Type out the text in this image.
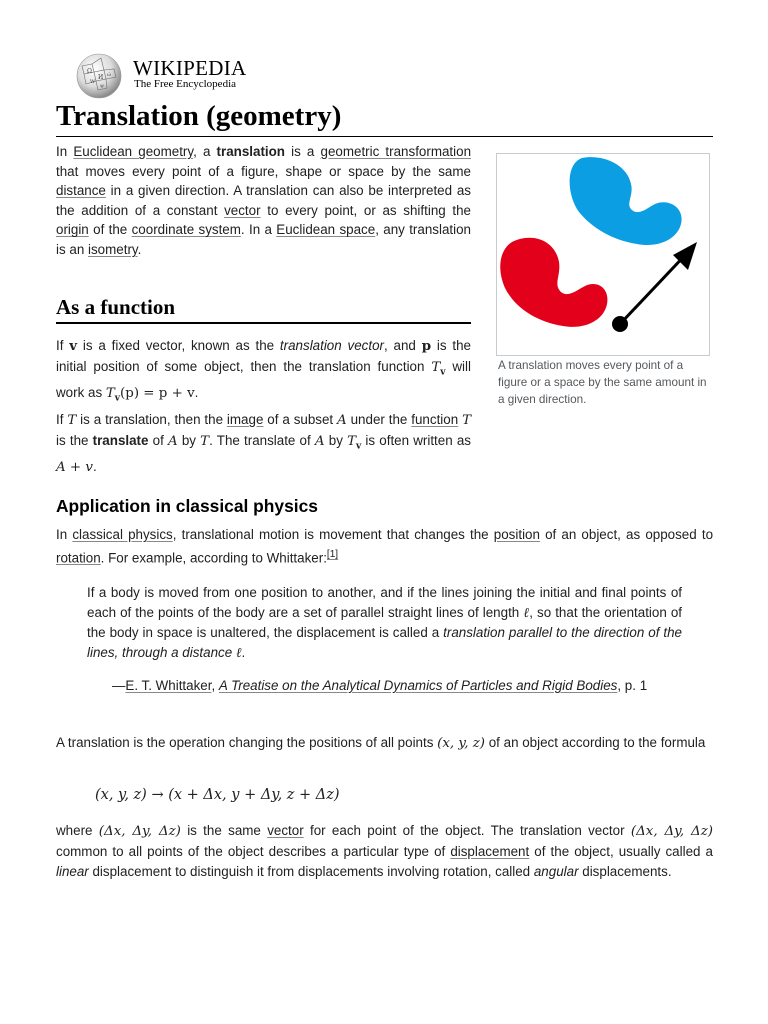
Ω
И
W
ώ
ψ
WIKIPEDIA
The Free Encyclopedia
Translation (geometry)

In Euclidean geometry, a translation is a geometric transformation that moves every point of a figure, shape or space by the same distance in a given direction. A translation can also be interpreted as the addition of a constant vector to every point, or as shifting the origin of the coordinate system. In a Euclidean space, any translation is an isometry.

A translation moves every point of a figure or a space by the same amount in a given direction.
As a function

If v is a fixed vector, known as the translation vector, and p is the initial position of some object, then the translation function $T_v$ will work as $T_v(p) = p + v$.

If T is a translation, then the image of a subset A under the function T is the translate of A by T. The translate of A by $T_v$ is often written as A + v.

Application in classical physics

In classical physics, translational motion is movement that changes the position of an object, as opposed to rotation. For example, according to Whittaker:[1]

If a body is moved from one position to another, and if the lines joining the initial and final points of each of the points of the body are a set of parallel straight lines of length ℓ, so that the orientation of the body in space is unaltered, the displacement is called a translation parallel to the direction of the lines, through a distance ℓ.

—E. T. Whittaker, A Treatise on the Analytical Dynamics of Particles and Rigid Bodies, p. 1

A translation is the operation changing the positions of all points (x, y, z) of an object according to the formula

(x, y, z) → (x + Δx, y + Δy, z + Δz)

where (Δx, Δy, Δz) is the same vector for each point of the object. The translation vector (Δx, Δy, Δz) common to all points of the object describes a particular type of displacement of the object, usually called a linear displacement to distinguish it from displacements involving rotation, called angular displacements.
